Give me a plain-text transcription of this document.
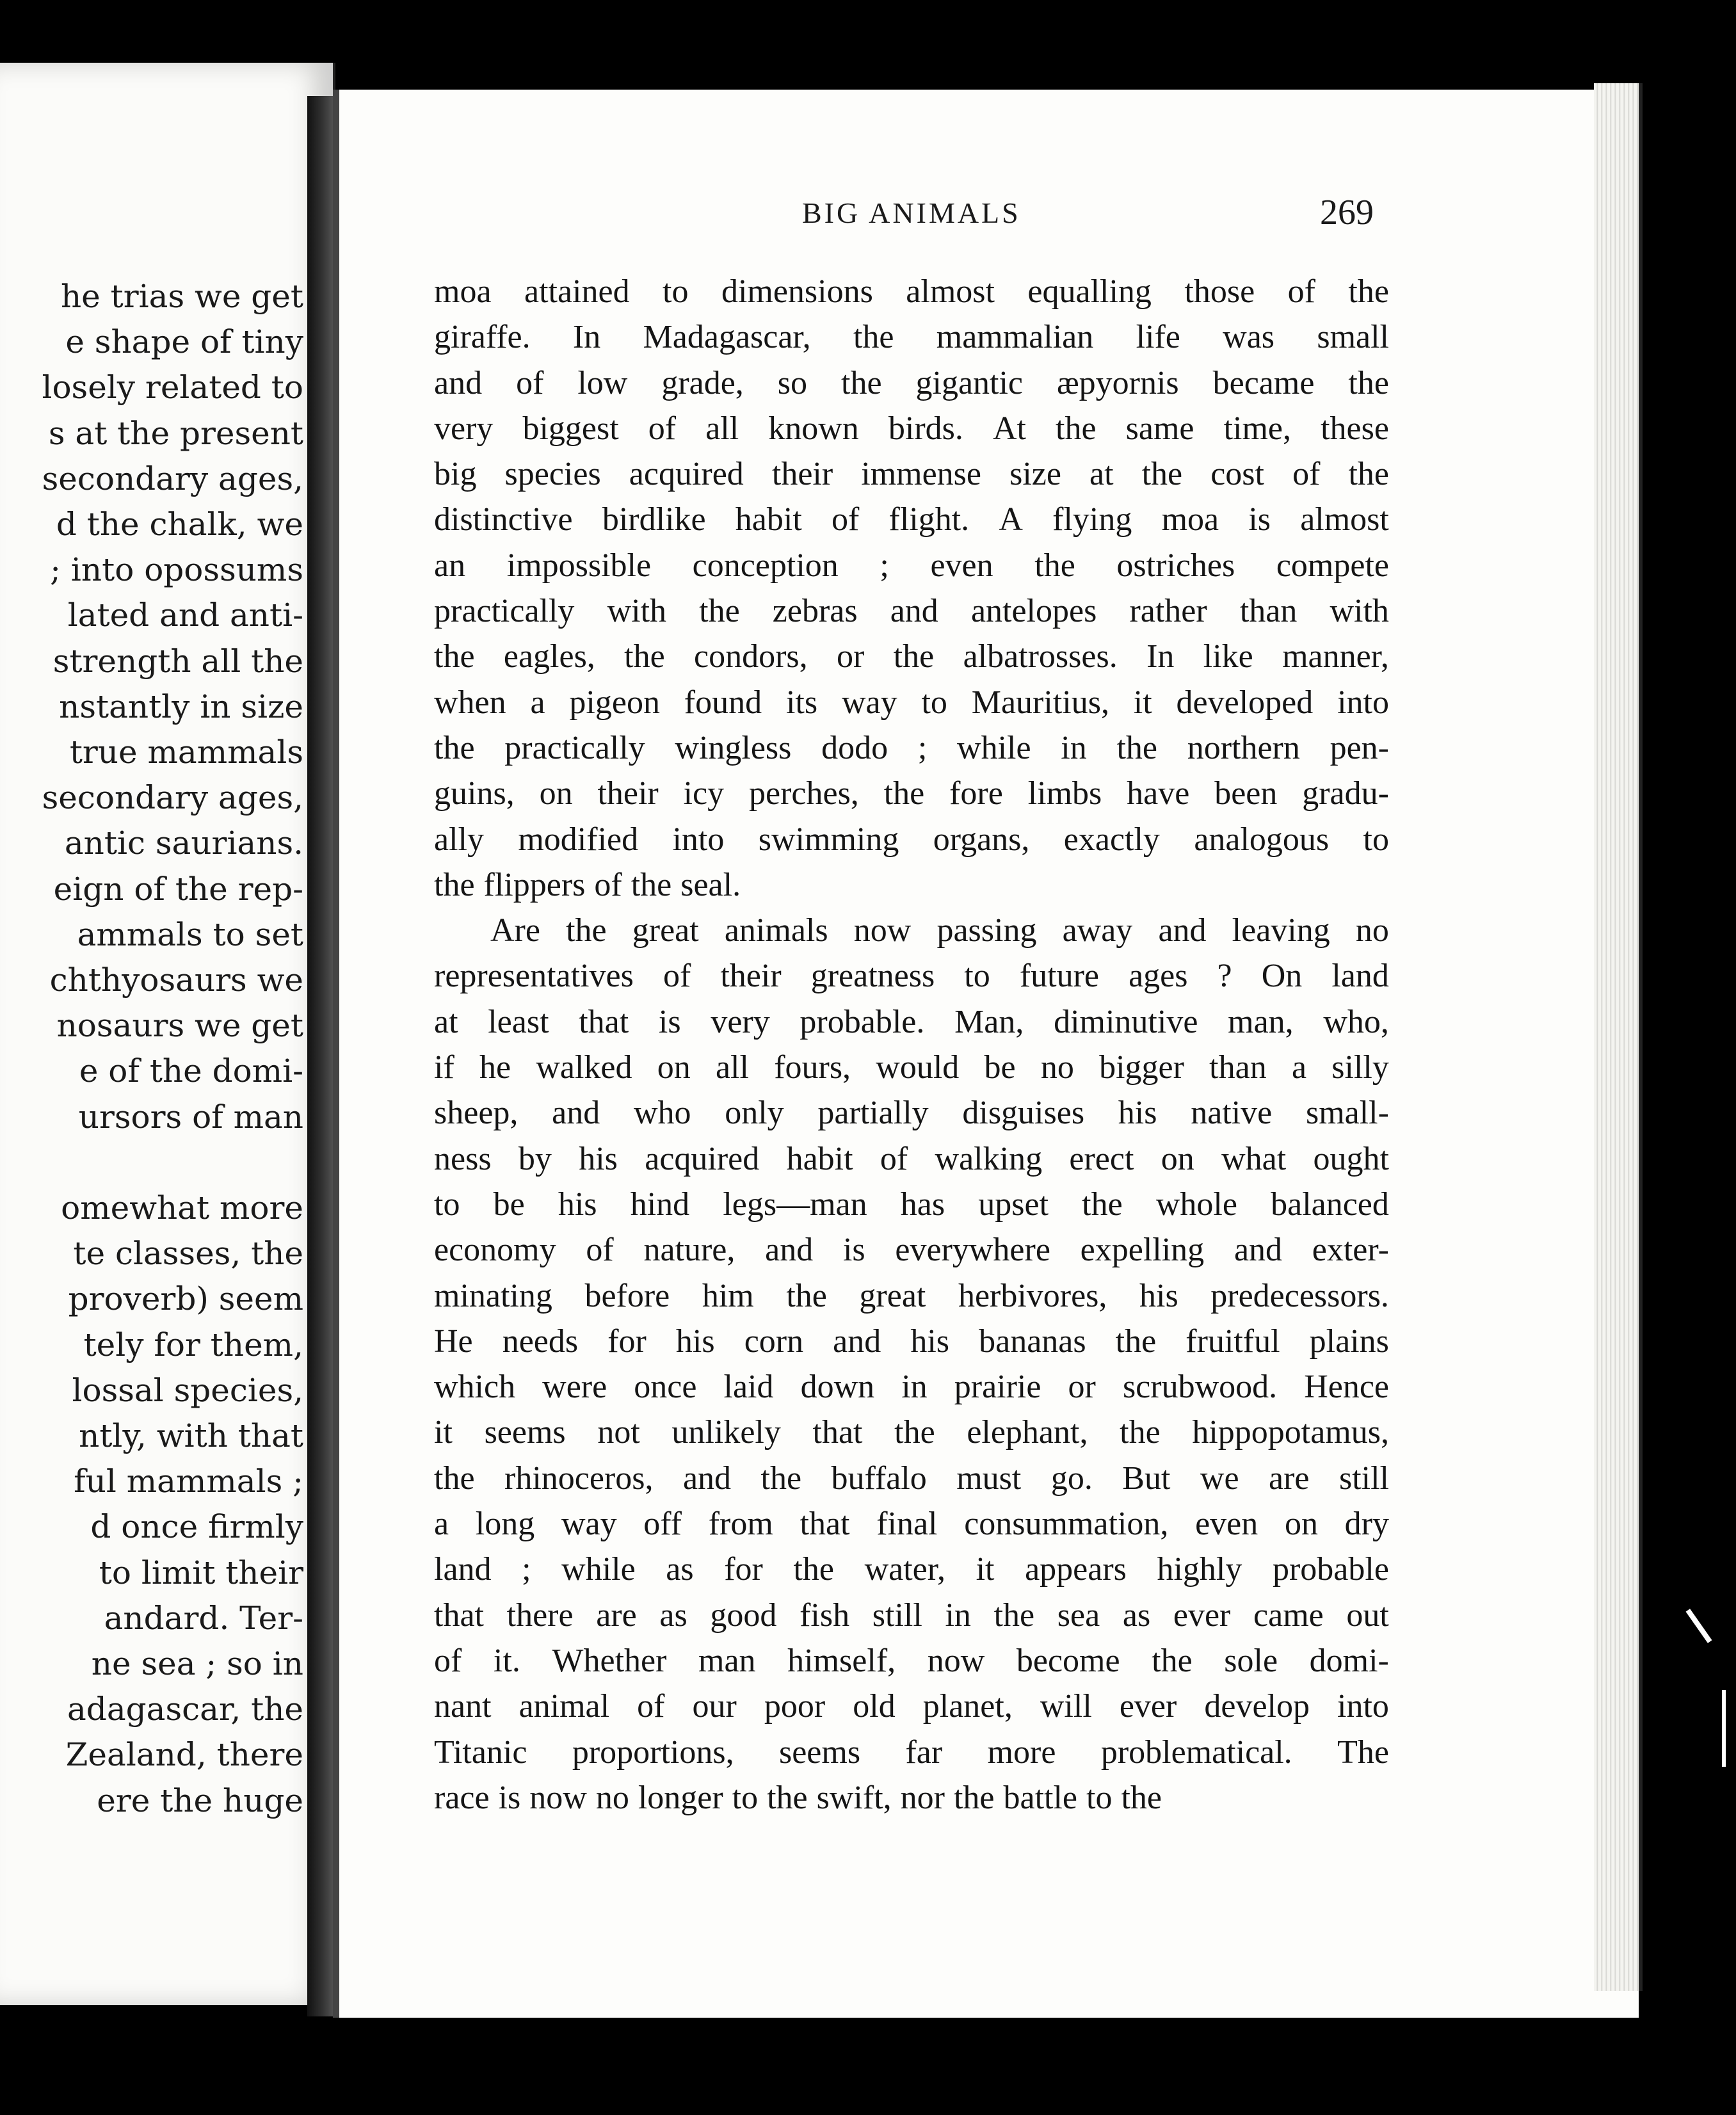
he trias we get
e shape of tiny
losely related to
s at the present
secondary ages,
d the chalk, we
; into opossums
lated and anti-
strength all the
nstantly in size
true mammals
secondary ages,
antic saurians.
eign of the rep-
ammals to set
chthyosaurs we
nosaurs we get
e of the domi-
ursors of man
omewhat more
te classes, the
proverb) seem
tely for them,
lossal species,
ntly, with that
ful mammals ;
d once firmly
to limit their
andard. Ter-
ne sea ; so in
adagascar, the
Zealand, there
ere the huge
BIG ANIMALS	269
moa attained to dimensions almost equalling those of the
giraffe. In Madagascar, the mammalian life was small
and of low grade, so the gigantic æpyornis became the
very biggest of all known birds. At the same time, these
big species acquired their immense size at the cost of the
distinctive birdlike habit of flight. A flying moa is almost
an impossible conception ; even the ostriches compete
practically with the zebras and antelopes rather than with
the eagles, the condors, or the albatrosses. In like manner,
when a pigeon found its way to Mauritius, it developed into
the practically wingless dodo ; while in the northern pen-
guins, on their icy perches, the fore limbs have been gradu-
ally modified into swimming organs, exactly analogous to
the flippers of the seal.
Are the great animals now passing away and leaving no
representatives of their greatness to future ages ? On land
at least that is very probable. Man, diminutive man, who,
if he walked on all fours, would be no bigger than a silly
sheep, and who only partially disguises his native small-
ness by his acquired habit of walking erect on what ought
to be his hind legs—man has upset the whole balanced
economy of nature, and is everywhere expelling and exter-
minating before him the great herbivores, his predecessors.
He needs for his corn and his bananas the fruitful plains
which were once laid down in prairie or scrubwood. Hence
it seems not unlikely that the elephant, the hippopotamus,
the rhinoceros, and the buffalo must go. But we are still
a long way off from that final consummation, even on dry
land ; while as for the water, it appears highly probable
that there are as good fish still in the sea as ever came out
of it. Whether man himself, now become the sole domi-
nant animal of our poor old planet, will ever develop into
Titanic proportions, seems far more problematical. The
race is now no longer to the swift, nor the battle to the
